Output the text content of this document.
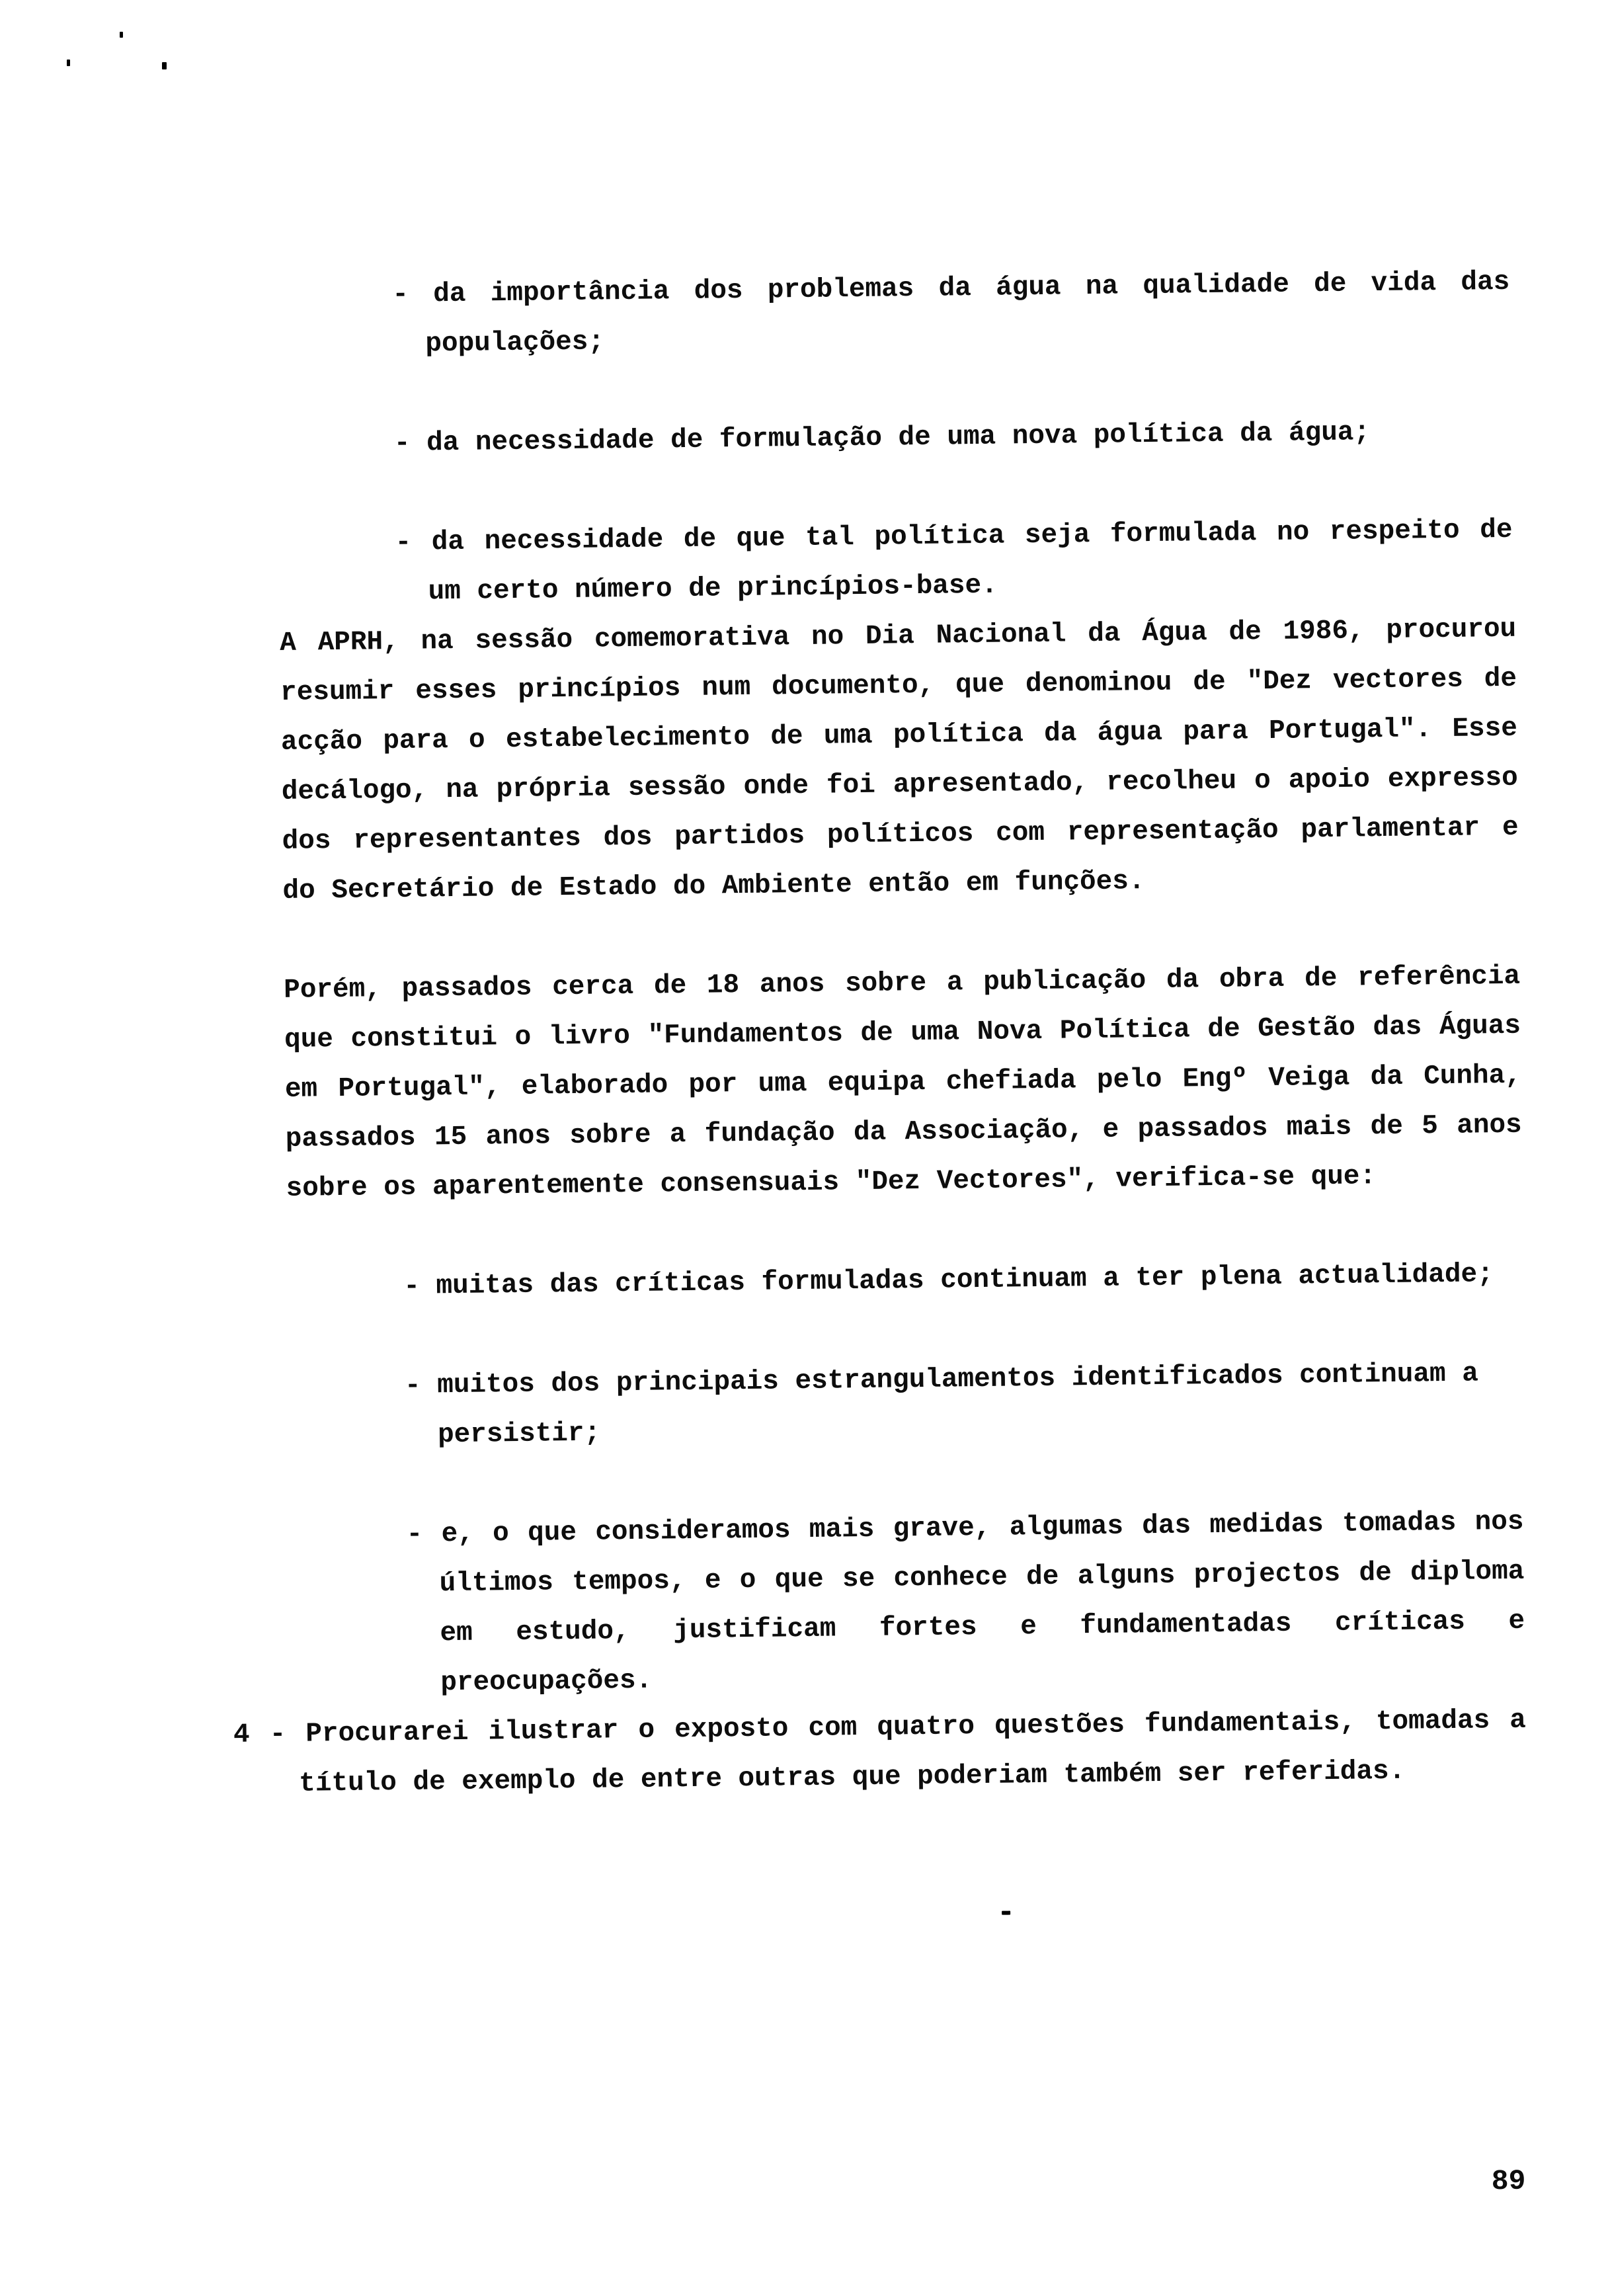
- da importância dos problemas da água na qualidade de vida das
populações;
- da necessidade de formulação de uma nova política da água;
- da necessidade de que tal política seja formulada no respeito de
um certo número de princípios-base.
A APRH, na sessão comemorativa no Dia Nacional da Água de 1986, procurou
resumir esses princípios num documento, que denominou de "Dez vectores de
acção para o estabelecimento de uma política da água para Portugal". Esse
decálogo, na própria sessão onde foi apresentado, recolheu o apoio expresso
dos representantes dos partidos políticos com representação parlamentar e
do Secretário de Estado do Ambiente então em funções.
Porém, passados cerca de 18 anos sobre a publicação da obra de referência
que constitui o livro "Fundamentos de uma Nova Política de Gestão das Águas
em Portugal", elaborado por uma equipa chefiada pelo Engº Veiga da Cunha,
passados 15 anos sobre a fundação da Associação, e passados mais de 5 anos
sobre os aparentemente consensuais "Dez Vectores", verifica-se que:
- muitas das críticas formuladas continuam a ter plena actualidade;
- muitos dos principais estrangulamentos identificados continuam a
persistir;
- e, o que consideramos mais grave, algumas das medidas tomadas nos
últimos tempos, e o que se conhece de alguns projectos de diploma
em estudo, justificam fortes e fundamentadas críticas e
preocupações.
4 - Procurarei ilustrar o exposto com quatro questões fundamentais, tomadas a
título de exemplo de entre outras que poderiam também ser referidas.
89
